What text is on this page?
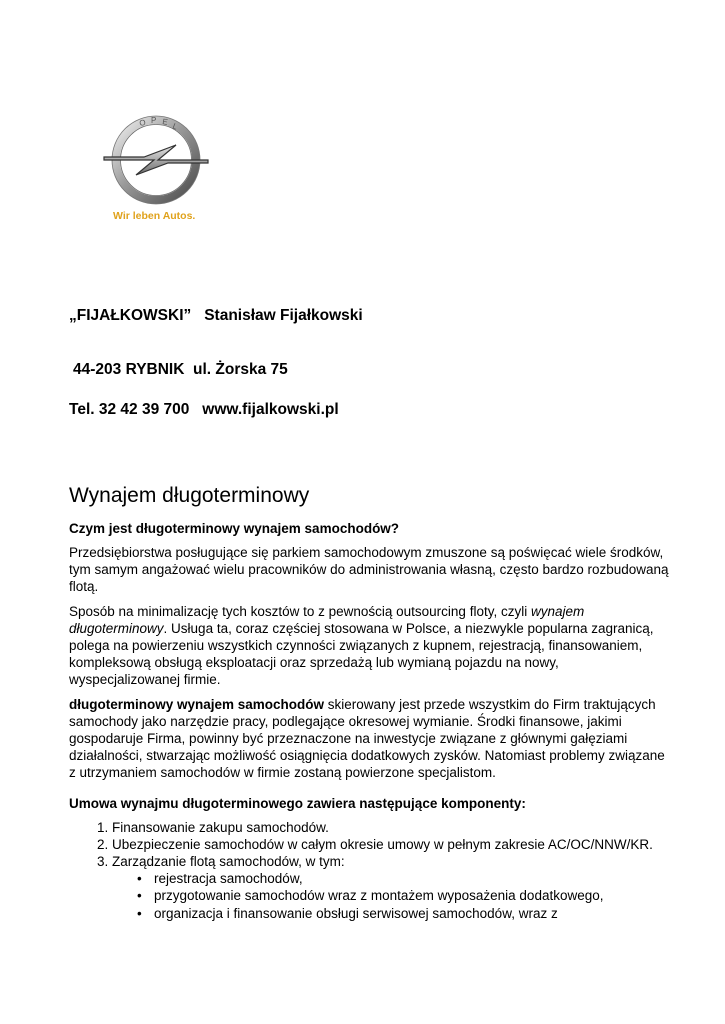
O P E L
Wir leben Autos.
„FIJAŁKOWSKI”   Stanisław Fijałkowski
44-203 RYBNIK  ul. Żorska 75
Tel. 32 42 39 700   www.fijalkowski.pl
Wynajem długoterminowy
Czym jest długoterminowy wynajem samochodów?

Przedsiębiorstwa posługujące się parkiem samochodowym zmuszone są poświęcać wiele środków, tym samym angażować wielu pracowników do administrowania własną, często bardzo rozbudowaną flotą.

Sposób na minimalizację tych kosztów to z pewnością outsourcing floty, czyli wynajem długoterminowy. Usługa ta, coraz częściej stosowana w Polsce, a niezwykle popularna zagranicą, polega na powierzeniu wszystkich czynności związanych z kupnem, rejestracją, finansowaniem, kompleksową obsługą eksploatacji oraz sprzedażą lub wymianą pojazdu na nowy, wyspecjalizowanej firmie.

długoterminowy wynajem samochodów skierowany jest przede wszystkim do Firm traktujących samochody jako narzędzie pracy, podlegające okresowej wymianie. Środki finansowe, jakimi gospodaruje Firma, powinny być przeznaczone na inwestycje związane z głównymi gałęziami działalności, stwarzając możliwość osiągnięcia dodatkowych zysków. Natomiast problemy związane z utrzymaniem samochodów w firmie zostaną powierzone specjalistom.

Umowa wynajmu długoterminowego zawiera następujące komponenty:
1. Finansowanie zakupu samochodów.
2. Ubezpieczenie samochodów w całym okresie umowy w pełnym zakresie AC/OC/NNW/KR.
3. Zarządzanie flotą samochodów, w tym:
• rejestracja samochodów,
• przygotowanie samochodów wraz z montażem wyposażenia dodatkowego,
• organizacja i finansowanie obsługi serwisowej samochodów, wraz z
